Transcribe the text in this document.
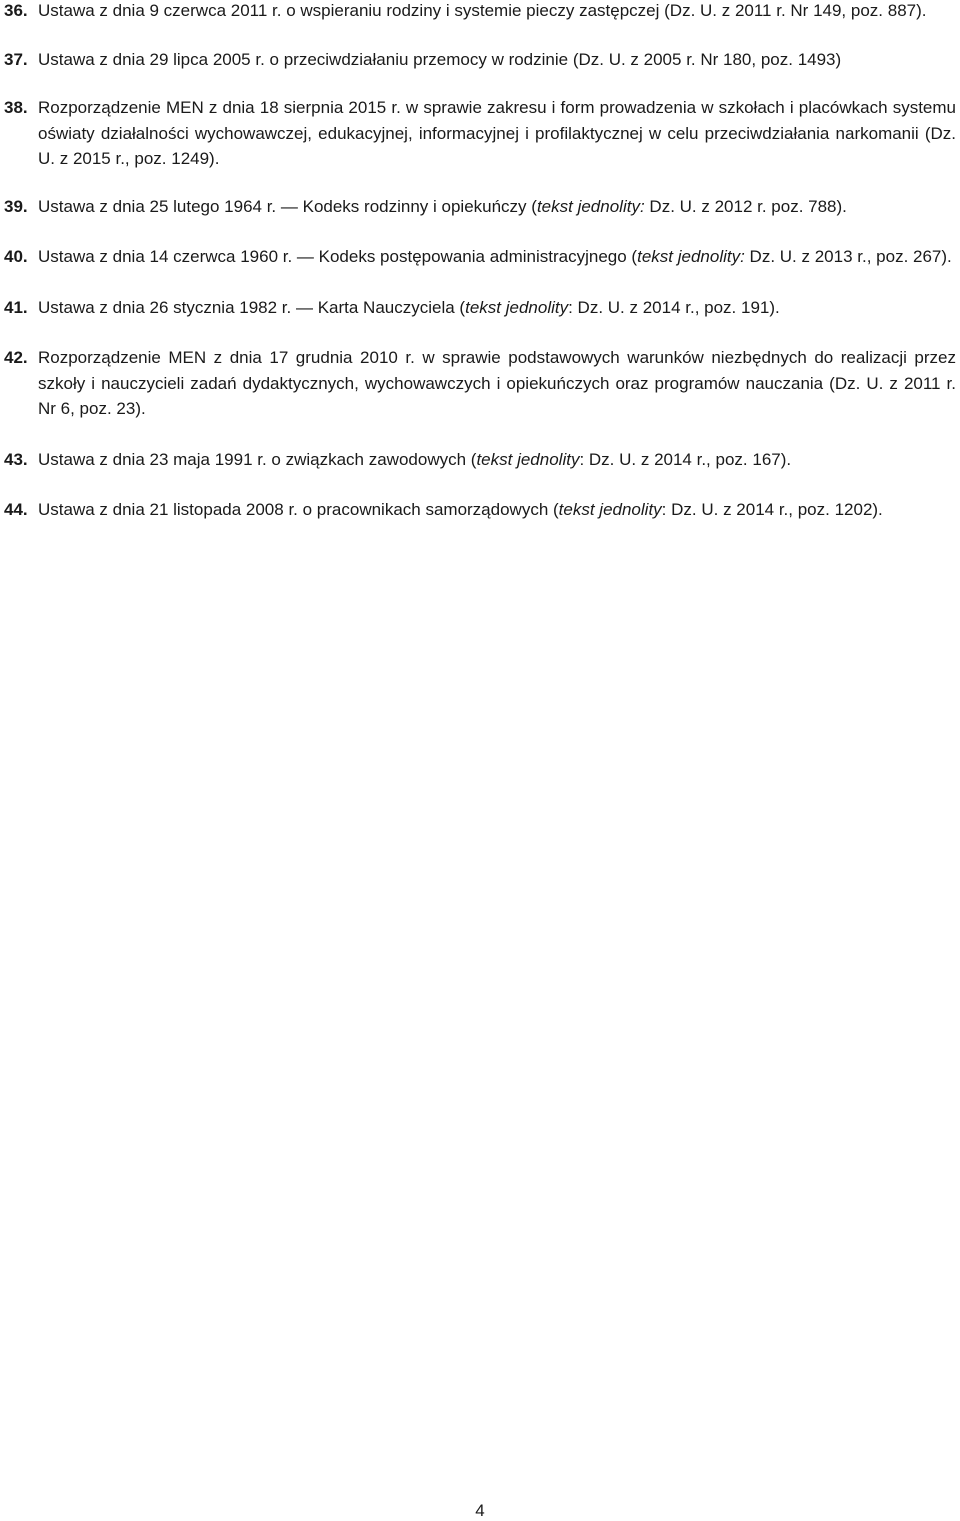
36. Ustawa z dnia 9 czerwca 2011 r. o wspieraniu rodziny i systemie pieczy zastępczej (Dz. U. z 2011 r. Nr 149, poz. 887).
37. Ustawa z dnia 29 lipca 2005 r. o przeciwdziałaniu przemocy w rodzinie (Dz. U. z 2005 r. Nr 180, poz. 1493)
38. Rozporządzenie MEN z dnia 18 sierpnia 2015 r. w sprawie zakresu i form prowadzenia w szkołach i placówkach systemu oświaty działalności wychowawczej, edukacyjnej, informacyjnej i profilaktycznej w celu przeciwdziałania narkomanii (Dz. U. z 2015 r., poz. 1249).
39. Ustawa z dnia 25 lutego 1964 r. — Kodeks rodzinny i opiekuńczy (tekst jednolity: Dz. U. z 2012 r. poz. 788).
40. Ustawa z dnia 14 czerwca 1960 r. — Kodeks postępowania administracyjnego (tekst jednolity: Dz. U. z 2013 r., poz. 267).
41. Ustawa z dnia 26 stycznia 1982 r. — Karta Nauczyciela (tekst jednolity: Dz. U. z 2014 r., poz. 191).
42. Rozporządzenie MEN z dnia 17 grudnia 2010 r. w sprawie podstawowych warunków niezbędnych do realizacji przez szkoły i nauczycieli zadań dydaktycznych, wychowawczych i opiekuńczych oraz programów nauczania (Dz. U. z 2011 r. Nr 6, poz. 23).
43. Ustawa z dnia 23 maja 1991 r. o związkach zawodowych (tekst jednolity: Dz. U. z 2014 r., poz. 167).
44. Ustawa z dnia 21 listopada 2008 r. o pracownikach samorządowych (tekst jednolity: Dz. U. z 2014 r., poz. 1202).
4
